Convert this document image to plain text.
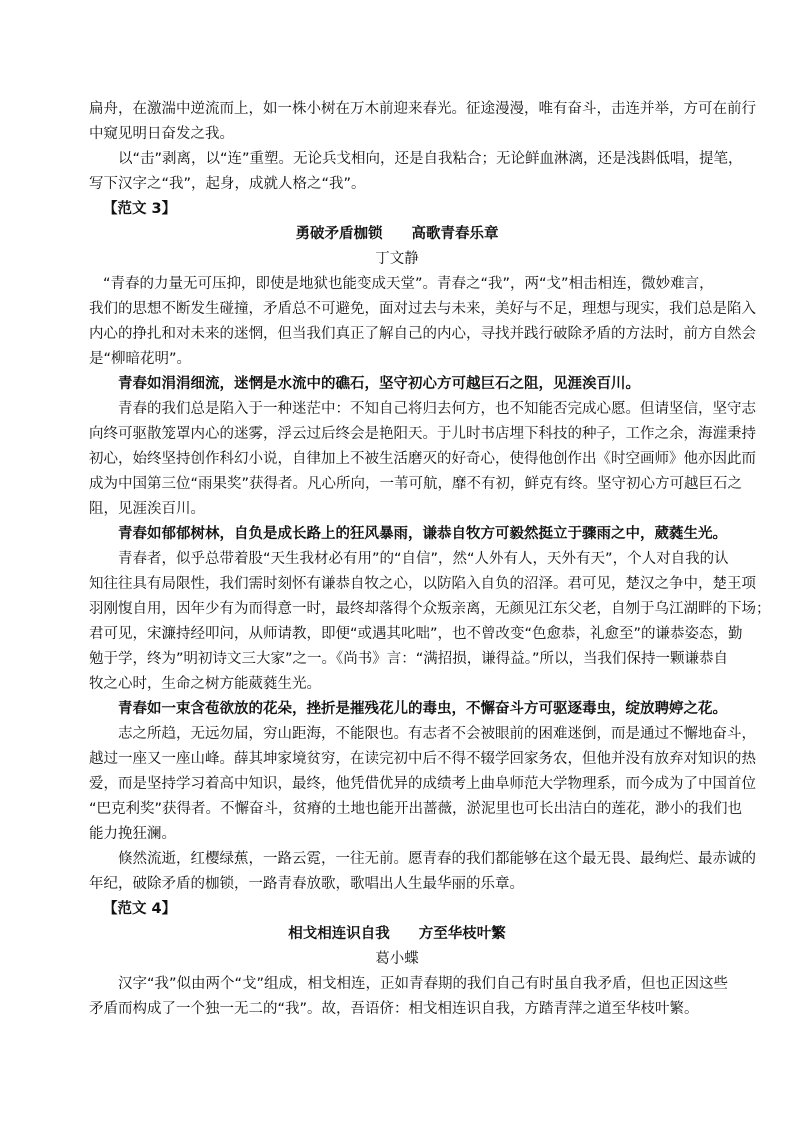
扁舟，在激湍中逆流而上，如一株小树在万木前迎来春光。征途漫漫，唯有奋斗，击连并举，方可在前行
中窥见明日奋发之我。
以“击”剥离，以“连”重塑。无论兵戈相向，还是自我粘合；无论鲜血淋漓，还是浅斟低唱，提笔，
写下汉字之“我”，起身，成就人格之“我”。
【范文 3】
勇破矛盾枷锁　　高歌青春乐章
丁文静
“青春的力量无可压抑，即使是地狱也能变成天堂”。青春之“我”，两“戈”相击相连，微妙难言，
我们的思想不断发生碰撞，矛盾总不可避免，面对过去与未来，美好与不足，理想与现实，我们总是陷入
内心的挣扎和对未来的迷惘，但当我们真正了解自己的内心，寻找并践行破除矛盾的方法时，前方自然会
是“柳暗花明”。
青春如涓涓细流，迷惘是水流中的礁石，坚守初心方可越巨石之阻，见涯涘百川。
青春的我们总是陷入于一种迷茫中：不知自己将归去何方，也不知能否完成心愿。但请坚信，坚守志
向终可驱散笼罩内心的迷雾，浮云过后终会是艳阳天。于儿时书店埋下科技的种子，工作之余，海漄秉持
初心，始终坚持创作科幻小说，自律加上不被生活磨灭的好奇心，使得他创作出《时空画师》他亦因此而
成为中国第三位“雨果奖”获得者。凡心所向，一苇可航，靡不有初，鲜克有终。坚守初心方可越巨石之
阻，见涯涘百川。
青春如郁郁树林，自负是成长路上的狂风暴雨，谦恭自牧方可毅然挺立于骤雨之中，葳蕤生光。
青春者，似乎总带着股“天生我材必有用”的“自信”，然“人外有人，天外有天”，个人对自我的认
知往往具有局限性，我们需时刻怀有谦恭自牧之心，以防陷入自负的沼泽。君可见，楚汉之争中，楚王项
羽刚愎自用，因年少有为而得意一时，最终却落得个众叛亲离，无颜见江东父老，自刎于乌江湖畔的下场；
君可见，宋濂持经叩问，从师请教，即便“或遇其叱咄”，也不曾改变“色愈恭，礼愈至”的谦恭姿态，勤
勉于学，终为”明初诗文三大家”之一。《尚书》言：“满招损，谦得益。”所以，当我们保持一颗谦恭自
牧之心时，生命之树方能葳蕤生光。
青春如一束含苞欲放的花朵，挫折是摧残花儿的毒虫，不懈奋斗方可驱逐毒虫，绽放聘婷之花。
志之所趋，无远勿届，穷山距海，不能限也。有志者不会被眼前的困难迷倒，而是通过不懈地奋斗，
越过一座又一座山峰。薛其坤家境贫穷，在读完初中后不得不辍学回家务农，但他并没有放弃对知识的热
爱，而是坚持学习着高中知识，最终，他凭借优异的成绩考上曲阜师范大学物理系，而今成为了中国首位
“巴克利奖”获得者。不懈奋斗，贫瘠的土地也能开出蔷薇，淤泥里也可长出洁白的莲花，渺小的我们也
能力挽狂澜。
倏然流逝，红樱绿蕉，一路云霓，一往无前。愿青春的我们都能够在这个最无畏、最绚烂、最赤诚的
年纪，破除矛盾的枷锁，一路青春放歌，歌唱出人生最华丽的乐章。
【范文 4】
相戈相连识自我　　方至华枝叶繁
葛小蝶
汉字“我”似由两个“戈”组成，相戈相连，正如青春期的我们自己有时虽自我矛盾，但也正因这些
矛盾而构成了一个独一无二的“我”。故，吾语侪：相戈相连识自我，方踏青萍之道至华枝叶繁。
